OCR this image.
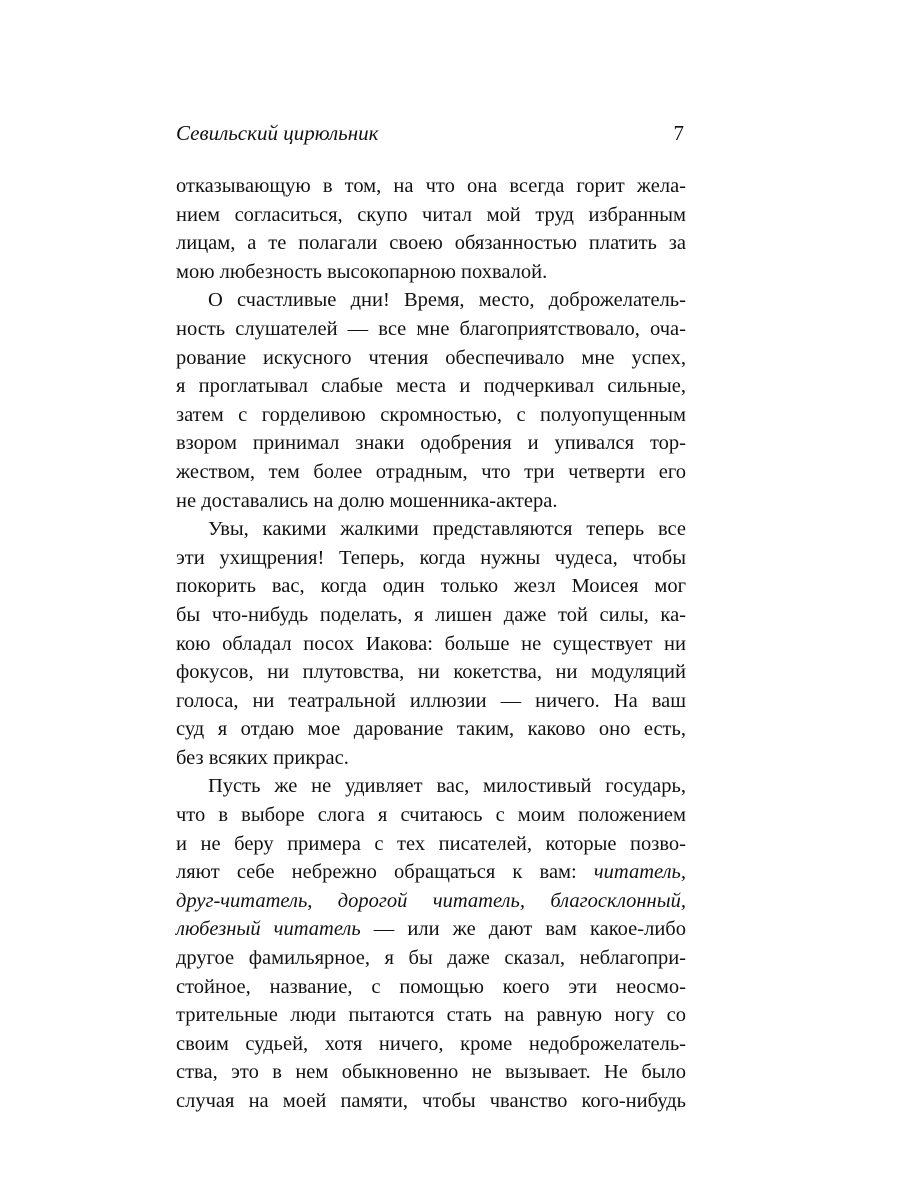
Севильский цирюльник	7
отказывающую в том, на что она всегда горит жела-
нием согласиться, скупо читал мой труд избранным
лицам, а те полагали своею обязанностью платить за
мою любезность высокопарною похвалой.
О счастливые дни! Время, место, доброжелатель-
ность слушателей — все мне благоприятствовало, оча-
рование искусного чтения обеспечивало мне успех,
я проглатывал слабые места и подчеркивал сильные,
затем с горделивою скромностью, с полуопущенным
взором принимал знаки одобрения и упивался тор-
жеством, тем более отрадным, что три четверти его
не доставались на долю мошенника-актера.
Увы, какими жалкими представляются теперь все
эти ухищрения! Теперь, когда нужны чудеса, чтобы
покорить вас, когда один только жезл Моисея мог
бы что-нибудь поделать, я лишен даже той силы, ка-
кою обладал посох Иакова: больше не существует ни
фокусов, ни плутовства, ни кокетства, ни модуляций
голоса, ни театральной иллюзии — ничего. На ваш
суд я отдаю мое дарование таким, каково оно есть,
без всяких прикрас.
Пусть же не удивляет вас, милостивый государь,
что в выборе слога я считаюсь с моим положением
и не беру примера с тех писателей, которые позво-
ляют себе небрежно обращаться к вам: читатель,
друг-читатель, дорогой читатель, благосклонный,
любезный читатель — или же дают вам какое-либо
другое фамильярное, я бы даже сказал, неблагопри-
стойное, название, с помощью коего эти неосмо-
трительные люди пытаются стать на равную ногу со
своим судьей, хотя ничего, кроме недоброжелатель-
ства, это в нем обыкновенно не вызывает. Не было
случая на моей памяти, чтобы чванство кого-нибудь
